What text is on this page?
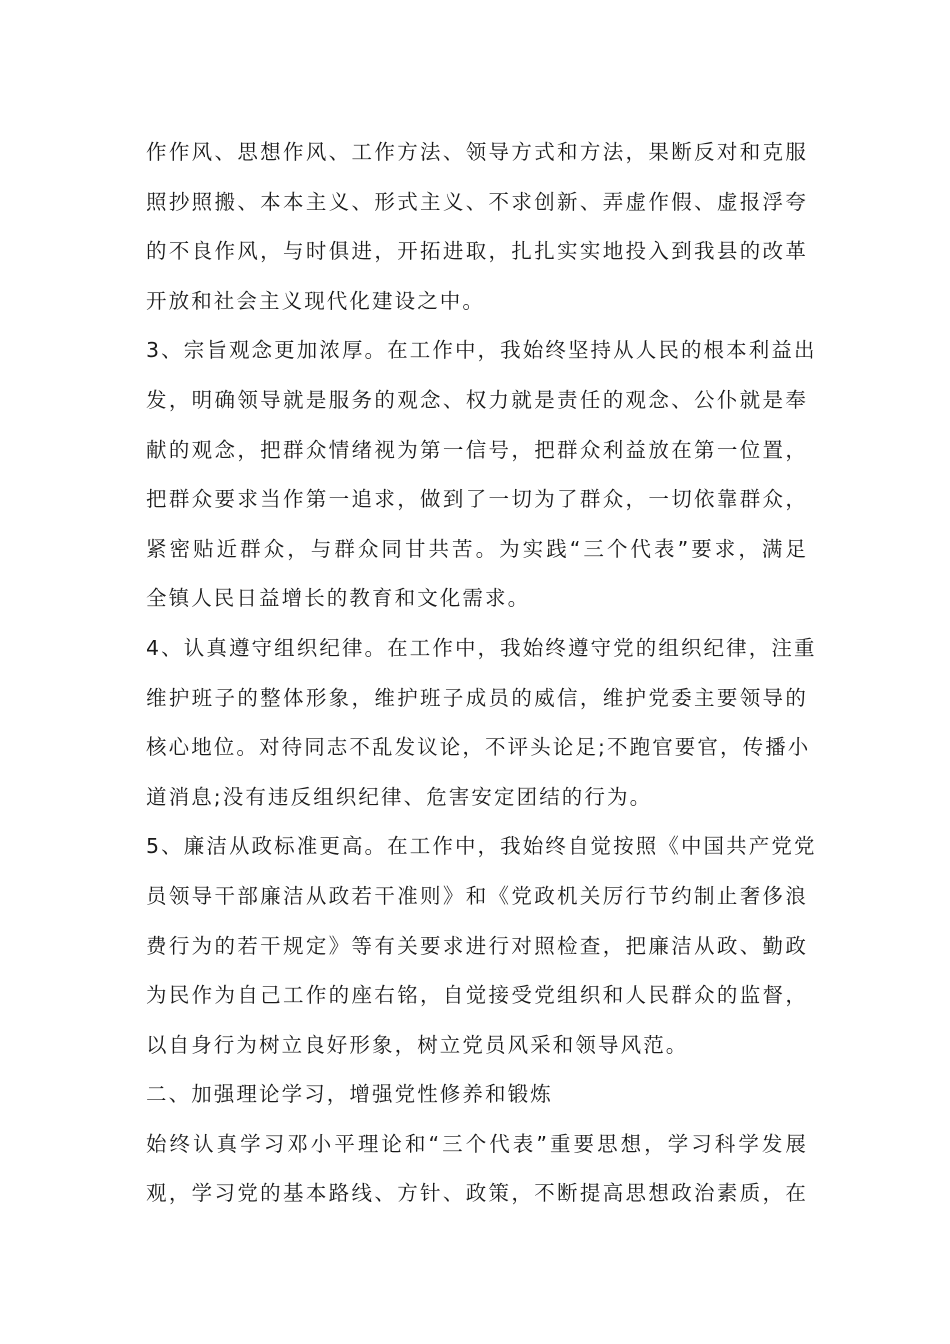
作作风、思想作风、工作方法、领导方式和方法，果断反对和克服
照抄照搬、本本主义、形式主义、不求创新、弄虚作假、虚报浮夸
的不良作风，与时俱进，开拓进取，扎扎实实地投入到我县的改革
开放和社会主义现代化建设之中。
3、宗旨观念更加浓厚。在工作中，我始终坚持从人民的根本利益出
发，明确领导就是服务的观念、权力就是责任的观念、公仆就是奉
献的观念，把群众情绪视为第一信号，把群众利益放在第一位置，
把群众要求当作第一追求，做到了一切为了群众，一切依靠群众，
紧密贴近群众，与群众同甘共苦。为实践“三个代表”要求，满足
全镇人民日益增长的教育和文化需求。
4、认真遵守组织纪律。在工作中，我始终遵守党的组织纪律，注重
维护班子的整体形象，维护班子成员的威信，维护党委主要领导的
核心地位。对待同志不乱发议论，不评头论足;不跑官要官，传播小
道消息;没有违反组织纪律、危害安定团结的行为。
5、廉洁从政标准更高。在工作中，我始终自觉按照《中国共产党党
员领导干部廉洁从政若干准则》和《党政机关厉行节约制止奢侈浪
费行为的若干规定》等有关要求进行对照检查，把廉洁从政、勤政
为民作为自己工作的座右铭，自觉接受党组织和人民群众的监督，
以自身行为树立良好形象，树立党员风采和领导风范。
二、加强理论学习，增强党性修养和锻炼
始终认真学习邓小平理论和“三个代表”重要思想，学习科学发展
观，学习党的基本路线、方针、政策，不断提高思想政治素质，在
